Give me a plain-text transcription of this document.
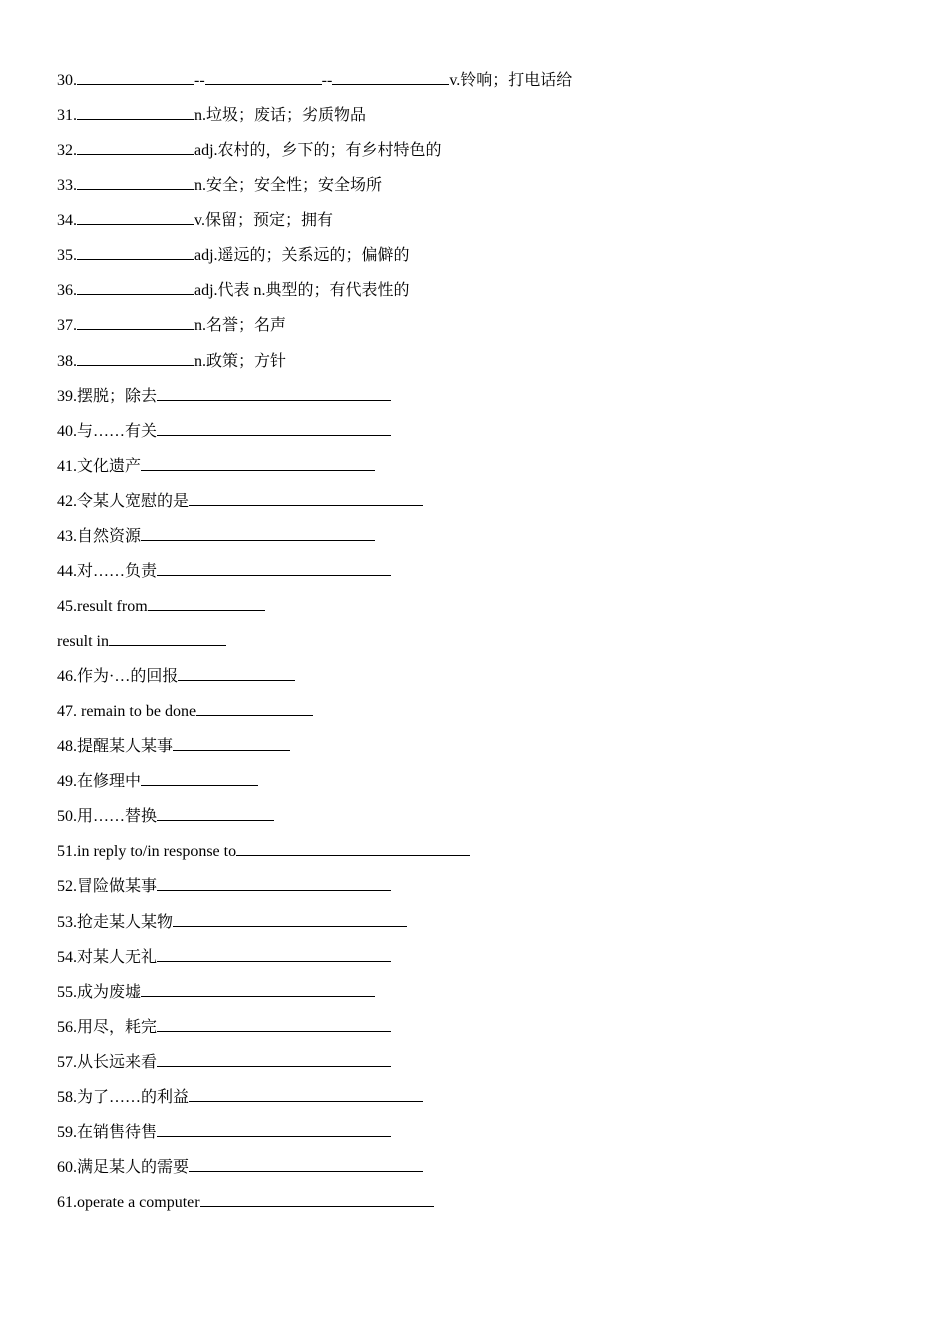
30.	--	--	v.铃响；打电话给
31.	n.垃圾；废话；劣质物品
32.	adj.农村的，乡下的；有乡村特色的
33.	n.安全；安全性；安全场所
34.	v.保留；预定；拥有
35.	adj.遥远的；关系远的；偏僻的
36.	adj.代表 n.典型的；有代表性的
37.	n.名誉；名声
38.	n.政策；方针
39.摆脱；除去
40.与……有关
41.文化遗产
42.令某人宽慰的是
43.自然资源
44.对……负责
45.result from
result in
46.作为·…的回报
47. remain to be done
48.提醒某人某事
49.在修理中
50.用……替换
51.in reply to/in response to
52.冒险做某事
53.抢走某人某物
54.对某人无礼
55.成为废墟
56.用尽，耗完
57.从长远来看
58.为了……的利益
59.在销售待售
60.满足某人的需要
61.operate a computer
